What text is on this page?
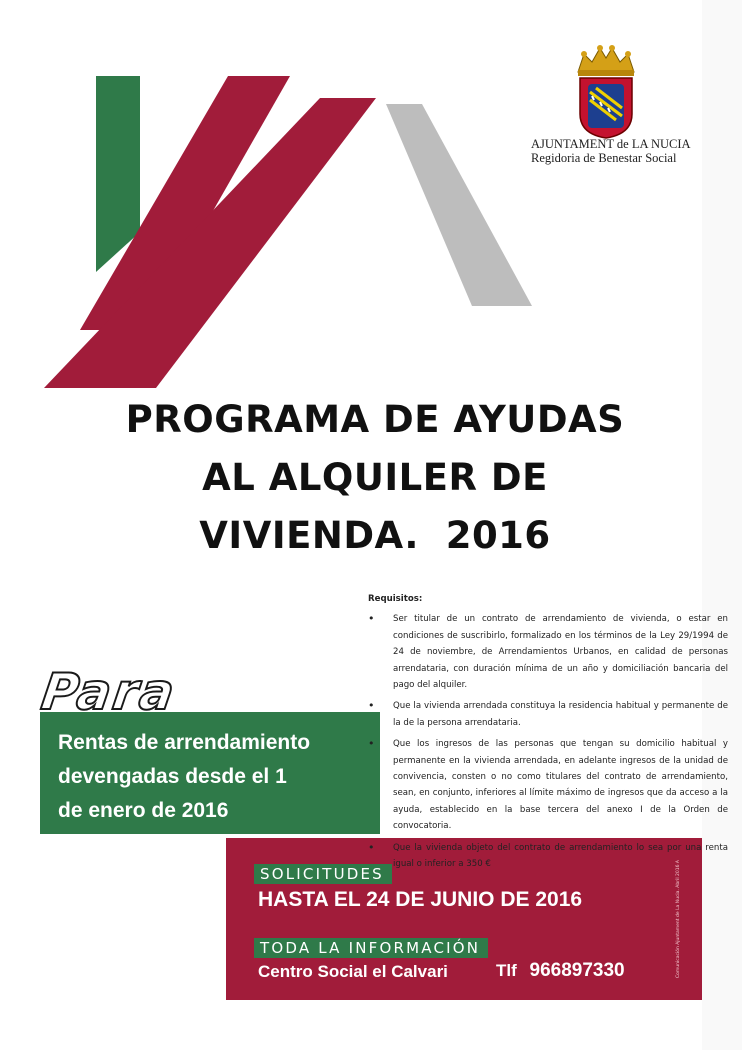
AJUNTAMENT de LA NUCIA
Regidoria de Benestar Social
PROGRAMA DE AYUDAS
AL ALQUILER DE
VIVIENDA.  2016
Requisitos:
• Ser titular de un contrato de arrendamiento de vivienda, o estar en condiciones de suscribirlo, formalizado en los términos de la Ley 29/1994 de 24 de noviembre, de Arrendamientos Urbanos, en calidad de personas arrendataria, con duración mínima de un año y domiciliación bancaria del pago del alquiler.
• Que la vivienda arrendada constituya la residencia habitual y permanente de la de la persona arrendataria.
• Que los ingresos de las personas que tengan su domicilio habitual y permanente en la vivienda arrendada, en adelante ingresos de la unidad de convivencia, consten o no como titulares del contrato de arrendamiento, sean, en conjunto, inferiores al límite máximo de ingresos que da acceso a la ayuda, establecido en la base tercera del anexo I de la Orden de convocatoria.
• Que la vivienda objeto del contrato de arrendamiento lo sea por una renta igual o inferior a 350 €
Para
Rentas de arrendamiento
devengadas desde el 1
de enero de 2016
SOLICITUDES
HASTA EL 24 DE JUNIO DE 2016
TODA LA INFORMACIÓN
Centro Social el Calvari	Tlf 966897330	Comunicación Ajuntament de La Nucia. Abril 2016 A
